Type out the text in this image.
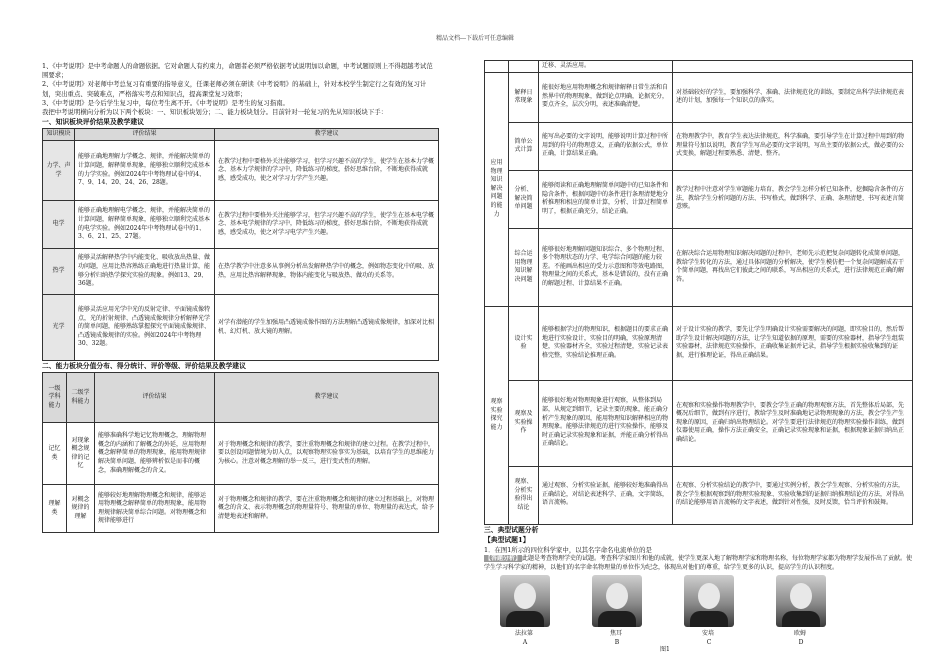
精品文档---下载后可任意编辑

1、《中考说明》是中考命题人的命题依据。它对命题人有约束力，命题者必须严格依据考试说明加以命题，中考试题原则上不得超越考试范围要求；

2、《中考说明》对老师中考总复习有重要的指导意义，任课老师必须在研读《中考说明》的基础上，针对本校学生制定行之有效的复习计划，突出重点、突破难点，严格落实考点和知识点，提高课堂复习效率；

3、《中考说明》是今后学生复习中，每位考生离不开。《中考说明》是考生的复习指南。

我把中考说明横向分析为以下两个板块：一、知识板块划分；二、能力板块划分。目前针对一轮复习的先从知识板块下手：

一、知识板块评价结果及教学建议

知识模块	评价结果	教学建议
力学、声学	能够正确地理解力学概念、规律，并能解决简单的计算问题，解释简单现象，能够独立顺利完成基本的力学实验。例如2024年中考物理试卷中的4、7、9、14、20、24、26、28题。	在教学过程中要格外关注能够学习，但学习兴趣不高的学生，使学生在基本力学概念、基本力学规律的学习中，降低练习的梯度，搭好思维台阶，不断地获得成就感，感受成功，使之对学习力学产生兴趣。
电学	能够正确地理解电学概念、规律，并能解决简单的计算问题，解释简单现象，能够独立顺利完成基本的电学实验。例如2024年中考物理试卷中的1、3、6、21、25、27题。	在教学过程中要格外关注能够学习，但学习兴趣不高的学生，使学生在基本电学概念、基本电学规律的学习中，降低练习的梯度，搭好思维台阶，不断地获得成就感，感受成功，使之对学习电学产生兴趣。
热学	能够灵活解释热学中内能变化、吸收放出热量、做功问题，应用比热容熟练正确地进行热量计算，能够分析归纳热学探究实验的现象。例如13、29、36题。	在热学教学中注意多从事例分析出发解释热学中的概念，例如物态变化中的吸、放热，应用比热容解释现象，物体内能变化与吸放热、做功的关系等。
光学	能够灵活应用光学中光的反射定律、平面镜成像特点，光的折射规律、凸透镜成像规律分析解释光学的简单问题，能够熟练掌握探究平面镜成像规律、凸透镜成像规律的实验。例如2024年中考物理30、32题。	对学有潜能的学生加强用凸透镜成像作图的方法理解凸透镜成像规律，加深对比相机、幻灯机、放大镜的理解。

二、能力板块分值分布、得分统计、评价等级、评价结果及教学建议

一级学科能力	二级学科能力	评价结果	教学建议
记忆类	对现象概念规律的记忆	能够准确科学地记忆物理概念，理解物理概念的内涵和了解概念的外延，应用物理概念解释简单的物理现象，能用物理规律解决简单问题，能够辨析似是而非的概念，准确理解概念的含义。	对于物理概念和规律的教学，要注重物理概念和规律的建立过程。在教学过程中，要以创设问题情境为切入点，以观察物理实验事实为基础，以培育学生的思维能力为核心。注意对概念理解的举一反三，进行变式性的理解。
理解类	对概念规律的理解	能够较好地理解物理概念和规律，能够运用物理概念解释简单的物理现象，能用物理规律解决简单综合问题。对物理概念和规律能够进行	对于物理概念和规律的教学，要在注重物理概念和规律的建立过程基础上，对物理概念的含义、表示物理概念的物理量符号、物理量的单位、物理量的表达式，给予清楚地表述和解释。
		迁移、灵活应用。	
应用物理知识解决问题的能力	解释日常现象	能很好地应用物理概念和规律解释日常生活和自然界中的物理现象，做到论点明确，论据充分，要点齐全，层次分明，表述准确清楚。	对基础较好的学生，要加强科学、准确、法律规范化的训练，要制定出科学法律规范表述的计划，加强每一个知识点的落实。
	简单公式计算	能写出必要的文字说明，能够说明计算过程中所用到的符号的物理意义，正确的依据公式，单位正确，计算结果正确。	在物理教学中，教育学生表达法律规范，科学准确，要引导学生在计算过程中用到的物理量符号加以说明，教育学生写出必要的文字说明，写出主要的依据公式，做必要的公式变换，解题过程要熟悉、清楚、整齐。
	分析、解决简单问题	能够阅读和正确地理解简单问题中的已知条件和隐含条件，根据问题中的条件进行条理清楚地分析推理和相应的简单计算，分析、计算过程简单明了，根据正确充分，结论正确。	教学过程中注意对学生审题能力培育，教会学生怎样分析已知条件，挖掘隐含条件的方法，教给学生分析问题的方法、书写格式，做到科学、正确、条理清楚、书写表述言简意赅。
	综合运用物理知识解决问题	能够很好地理解问题知识综合、多个物理过程、多个物理状态的力学、电学综合问题的能力较差。不能画出相应的受力示意图和等效电路图，物理量之间的关系式，基本是错误的，没有正确的解题过程、计算结果不正确。	在解决综合运用物理知识解决问题的过程中，老师先示范把复杂问题转化成简单问题，教给学生转化的方法，通过具体问题的分析解决，使学生模仿把一个复杂问题解成若干个简单问题，再找出它们彼此之间的联系，写出相应的关系式，进行法律规范正确的解答。
观察实验探究能力	设计实验	能够根据学过的物理知识，根据题目的要求正确地进行实验设计，实验目的明确，实验原理清楚，实验器材齐全，实验过程清楚，实验记录表格完整，实验结论推理正确。	对于设计实验的教学，要先让学生明确设计实验需要解决的问题，即实验目的，然后帮助学生设计解决问题的方法，让学生知道依据的原理，需要的实验器材，指导学生组装实验器材，法律规范实验操作，正确收集证据并记录，指导学生根据实验收集到的证据，进行推理论证，得出正确结果。
	观察及实验操作	能够很好地对物理现象进行观察，从整体到局部，从规定到细节，记录主要的现象，能正确分析产生现象的原因，能用物理知识解释相应的物理现象。能够法律规范的进行实验操作，能够及时正确记录实验现象和证据，并能正确分析得出正确结论。	在观察和实验操作物理教学中，要教会学生正确的物理观察方法，首先整体后局部，先概况后细节，做到有序进行，教给学生及时准确地记录物理现象的方法，教会学生产生现象的原因，正确归纳出物理结论。对学生要进行法律规范的物理实验操作训练，做到仪器使用正确，操作方法正确安全，正确记录实验现象和证据，根据现象证据归纳出正确结论。
	观察、分析实验得出结论	通过观察、分析实验证据，能够较好地准确得出正确结论，对结论表述科学、正确，文字简练，语言流畅。	在观察、分析实验结论的教学中，要通过实例分析，教会学生观察、分析实验的方法，教会学生根据观察到的物理实验现象、实验收集到的证据归纳推理结论的方法，对得出的结论能够用语言流畅的文字表述，做到针对性强，及时反馈，恰当评价和鼓舞。

三、典型试题分析

【典型试题1】

1．在图1所示的四位科学家中，以其名字命名电流单位的是

【答题分析】此题是考查物理学史的试题。考查科学家图片和他的成就，使学生更深入地了解物理学家和物理名称，每位物理学家都为物理学发展作出了贡献。使学生学习科学家的精神，以他们的名字命名物理量的单位作为纪念，体现出对他们的尊重，给学生更多的认识，提高学生的认识程度。

法拉第	焦耳	安培	欧姆
A	B	C	D
图1
